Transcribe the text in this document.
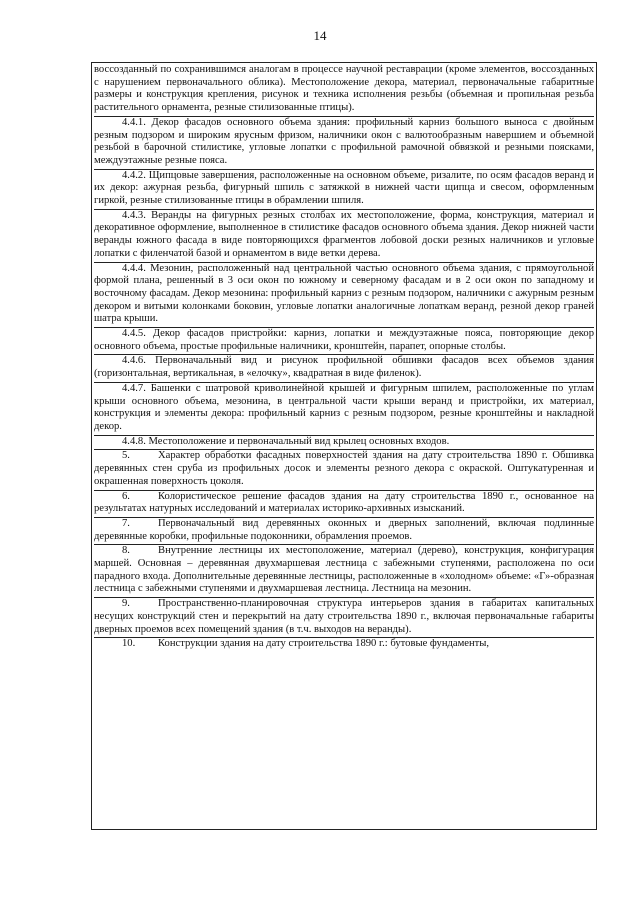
14

воссозданный по сохранившимся аналогам в процессе научной реставрации (кроме элементов, воссозданных с нарушением первоначального облика). Местоположение декора, материал, первоначальные габаритные размеры и конструкция крепления, рисунок и техника исполнения резьбы (объемная и пропильная резьба растительного орнамента, резные стилизованные птицы).

4.4.1. Декор фасадов основного объема здания: профильный карниз большого выноса с двойным резным подзором и широким ярусным фризом, наличники окон с валютообразным навершием и объемной резьбой в барочной стилистике, угловые лопатки с профильной рамочной обвязкой и резными поясками, междуэтажные резные пояса.

4.4.2. Щипцовые завершения, расположенные на основном объеме, ризалите, по осям фасадов веранд и их декор: ажурная резьба, фигурный шпиль с затяжкой в нижней части щипца и свесом, оформленным гиркой, резные стилизованные птицы в обрамлении шпиля.

4.4.3. Веранды на фигурных резных столбах их местоположение, форма, конструкция, материал и декоративное оформление, выполненное в стилистике фасадов основного объема здания. Декор нижней части веранды южного фасада в виде повторяющихся фрагментов лобовой доски резных наличников и угловые лопатки с филенчатой базой и орнаментом в виде ветки дерева.

4.4.4. Мезонин, расположенный над центральной частью основного объема здания, с прямоугольной формой плана, решенный в 3 оси окон по южному и северному фасадам и в 2 оси окон по западному и восточному фасадам. Декор мезонина: профильный карниз с резным подзором, наличники с ажурным резным декором и витыми колонками боковин, угловые лопатки аналогичные лопаткам веранд, резной декор граней шатра крыши.

4.4.5. Декор фасадов пристройки: карниз, лопатки и междуэтажные пояса, повторяющие декор основного объема, простые профильные наличники, кронштейн, парапет, опорные столбы.

4.4.6. Первоначальный вид и рисунок профильной обшивки фасадов всех объемов здания (горизонтальная, вертикальная, в «елочку», квадратная в виде филенок).

4.4.7. Башенки с шатровой криволинейной крышей и фигурным шпилем, расположенные по углам крыши основного объема, мезонина, в центральной части крыши веранд и пристройки, их материал, конструкция и элементы декора: профильный карниз с резным подзором, резные кронштейны и накладной декор.

4.4.8. Местоположение и первоначальный вид крылец основных входов.

5.	Характер обработки фасадных поверхностей здания на дату строительства 1890 г. Обшивка деревянных стен сруба из профильных досок и элементы резного декора с окраской. Оштукатуренная и окрашенная поверхность цоколя.

6.	Колористическое решение фасадов здания на дату строительства 1890 г., основанное на результатах натурных исследований и материалах историко-архивных изысканий.

7.	Первоначальный вид деревянных оконных и дверных заполнений, включая подлинные деревянные коробки, профильные подоконники, обрамления проемов.

8.	Внутренние лестницы их местоположение, материал (дерево), конструкция, конфигурация маршей. Основная – деревянная двухмаршевая лестница с забежными ступенями, расположена по оси парадного входа. Дополнительные деревянные лестницы, расположенные в «холодном» объеме: «Г»-образная лестница с забежными ступенями и двухмаршевая лестница. Лестница на мезонин.

9.	Пространственно-планировочная структура интерьеров здания в габаритах капитальных несущих конструкций стен и перекрытий на дату строительства 1890 г., включая первоначальные габариты дверных проемов всех помещений здания (в т.ч. выходов на веранды).

10. Конструкции здания на дату строительства 1890 г.: бутовые фундаменты,
